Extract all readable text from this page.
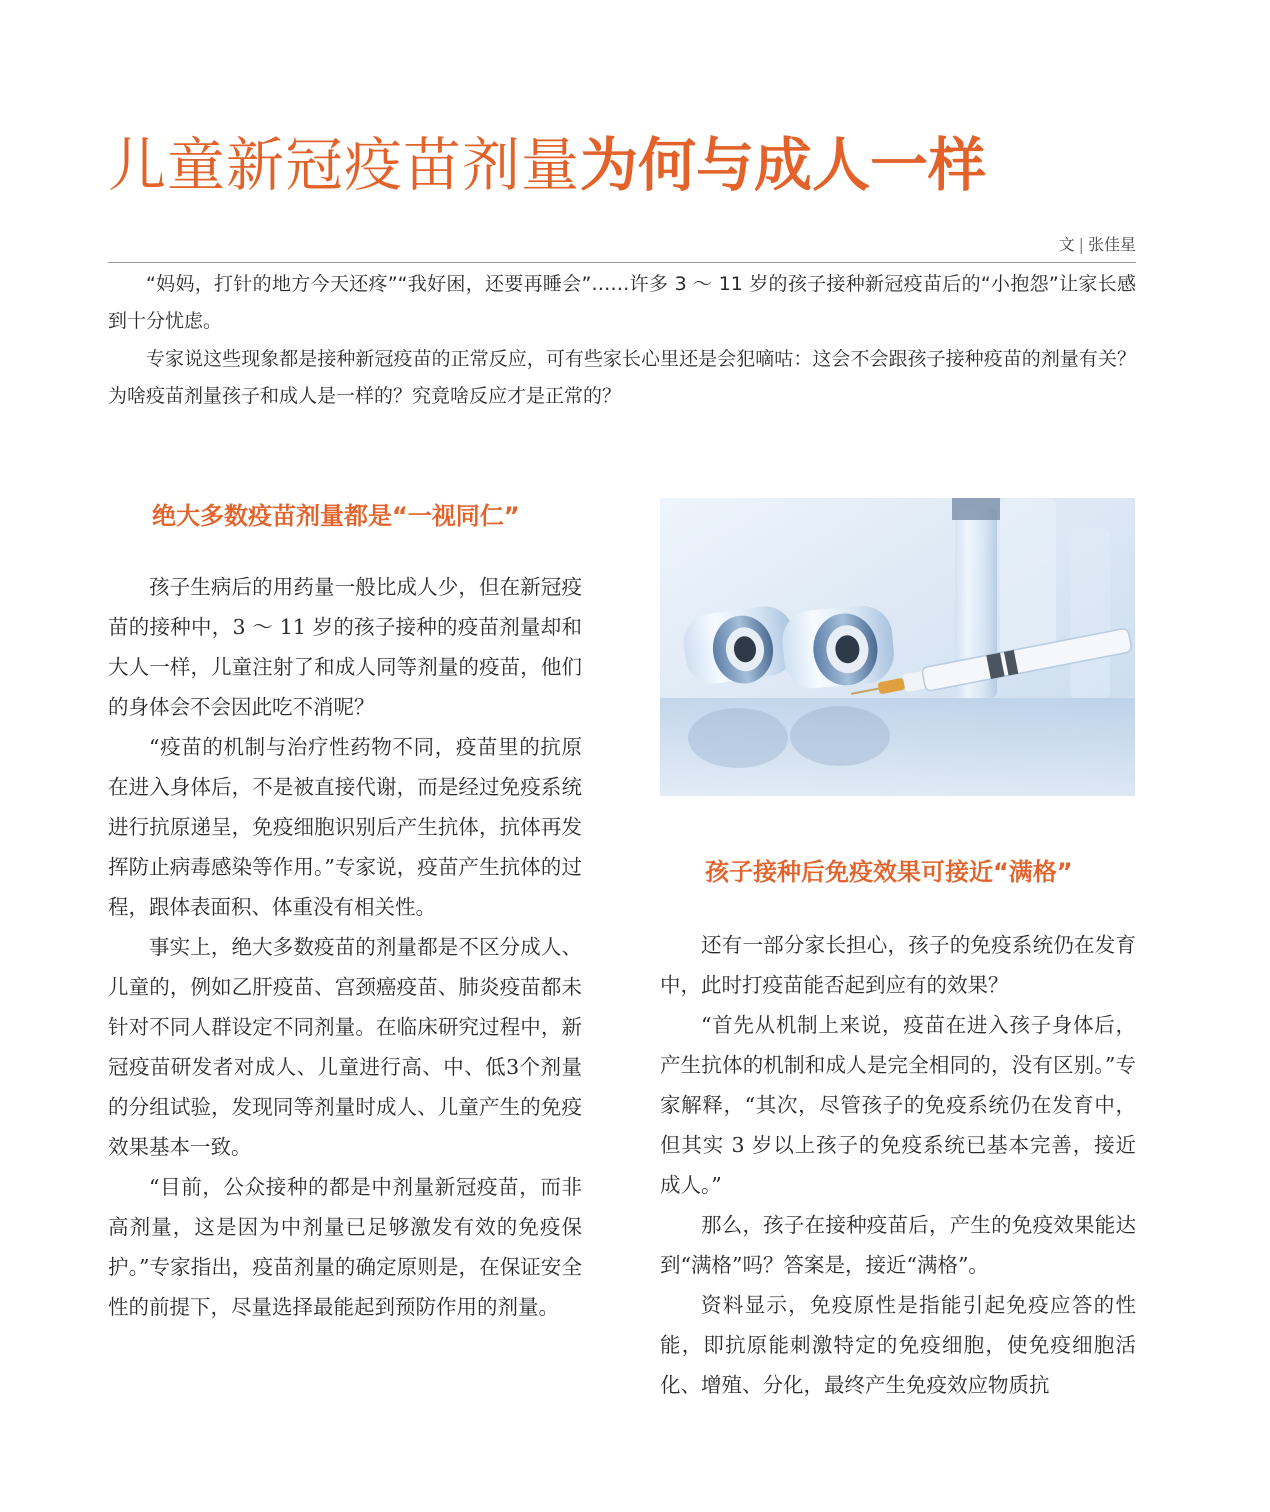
儿童新冠疫苗剂量为何与成人一样
文 | 张佳星

“妈妈，打针的地方今天还疼”“我好困，还要再睡会”……许多 3 ～ 11 岁的孩子接种新冠疫苗后的“小抱怨”让家长感到十分忧虑。

专家说这些现象都是接种新冠疫苗的正常反应，可有些家长心里还是会犯嘀咕：这会不会跟孩子接种疫苗的剂量有关？为啥疫苗剂量孩子和成人是一样的？究竟啥反应才是正常的？

绝大多数疫苗剂量都是“一视同仁”

孩子生病后的用药量一般比成人少，但在新冠疫苗的接种中，3 ～ 11 岁的孩子接种的疫苗剂量却和大人一样，儿童注射了和成人同等剂量的疫苗，他们的身体会不会因此吃不消呢？

“疫苗的机制与治疗性药物不同，疫苗里的抗原在进入身体后，不是被直接代谢，而是经过免疫系统进行抗原递呈，免疫细胞识别后产生抗体，抗体再发挥防止病毒感染等作用。”专家说，疫苗产生抗体的过程，跟体表面积、体重没有相关性。

事实上，绝大多数疫苗的剂量都是不区分成人、儿童的，例如乙肝疫苗、宫颈癌疫苗、肺炎疫苗都未针对不同人群设定不同剂量。在临床研究过程中，新冠疫苗研发者对成人、儿童进行高、中、低3个剂量的分组试验，发现同等剂量时成人、儿童产生的免疫效果基本一致。

“目前，公众接种的都是中剂量新冠疫苗，而非高剂量，这是因为中剂量已足够激发有效的免疫保护。”专家指出，疫苗剂量的确定原则是，在保证安全性的前提下，尽量选择最能起到预防作用的剂量。

孩子接种后免疫效果可接近“满格”

还有一部分家长担心，孩子的免疫系统仍在发育中，此时打疫苗能否起到应有的效果？

“首先从机制上来说，疫苗在进入孩子身体后，产生抗体的机制和成人是完全相同的，没有区别。”专家解释，“其次，尽管孩子的免疫系统仍在发育中，但其实 3 岁以上孩子的免疫系统已基本完善，接近成人。”

那么，孩子在接种疫苗后，产生的免疫效果能达到“满格”吗？答案是，接近“满格”。

资料显示，免疫原性是指能引起免疫应答的性能，即抗原能刺激特定的免疫细胞，使免疫细胞活化、增殖、分化，最终产生免疫效应物质抗
